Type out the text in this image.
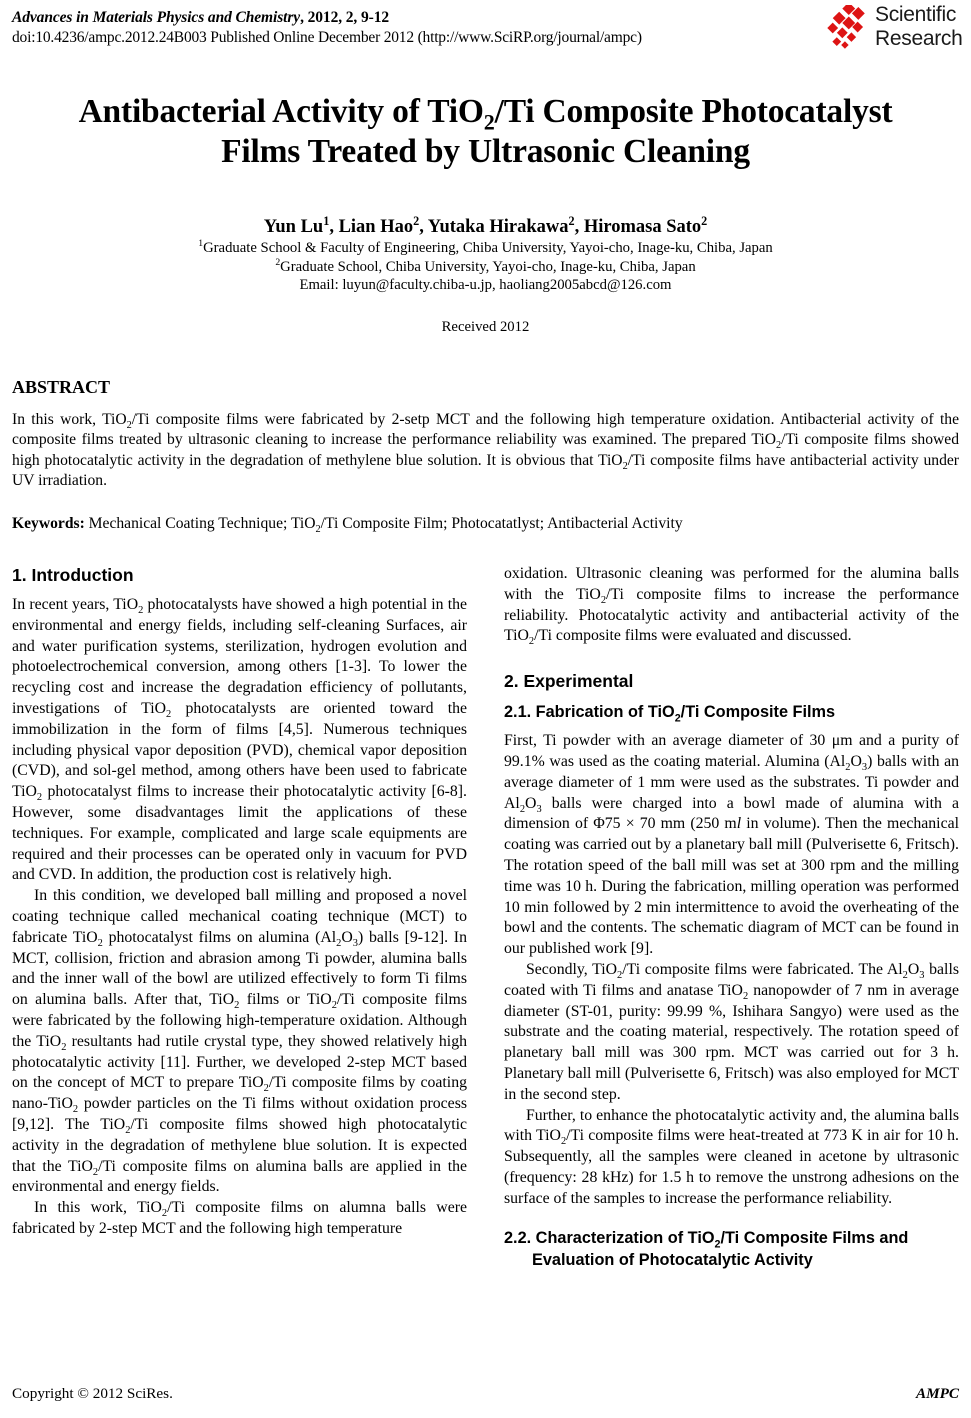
Advances in Materials Physics and Chemistry, 2012, 2, 9-12
doi:10.4236/ampc.2012.24B003 Published Online December 2012 (http://www.SciRP.org/journal/ampc)
Scientific
Research
Antibacterial Activity of TiO$_2$/Ti Composite Photocatalyst
Films Treated by Ultrasonic Cleaning
Yun Lu$^1$, Lian Hao$^2$, Yutaka Hirakawa$^2$, Hiromasa Sato$^2$
$^1$Graduate School & Faculty of Engineering, Chiba University, Yayoi-cho, Inage-ku, Chiba, Japan
$^2$Graduate School, Chiba University, Yayoi-cho, Inage-ku, Chiba, Japan
Email: luyun@faculty.chiba-u.jp, haoliang2005abcd@126.com
Received 2012
ABSTRACT
In this work, TiO$_2$/Ti composite films were fabricated by 2-setp MCT and the following high temperature oxidation. Antibacterial activity of the composite films treated by ultrasonic cleaning to increase the performance reliability was examined. The prepared TiO$_2$/Ti composite films showed high photocatalytic activity in the degradation of methylene blue solution. It is obvious that TiO$_2$/Ti composite films have antibacterial activity under UV irradiation.
Keywords: Mechanical Coating Technique; TiO$_2$/Ti Composite Film; Photocatatlyst; Antibacterial Activity
1. Introduction

In recent years, TiO$_2$ photocatalysts have showed a high potential in the environmental and energy fields, including self-cleaning Surfaces, air and water purification systems, sterilization, hydrogen evolution and photoelectrochemical conversion, among others [1-3]. To lower the recycling cost and increase the degradation efficiency of pollutants, investigations of TiO$_2$ photocatalysts are oriented toward the immobilization in the form of films [4,5]. Numerous techniques including physical vapor deposition (PVD), chemical vapor deposition (CVD), and sol-gel method, among others have been used to fabricate TiO$_2$ photocatalyst films to increase their photocatalytic activity [6-8]. However, some disadvantages limit the applications of these techniques. For example, complicated and large scale equipments are required and their processes can be operated only in vacuum for PVD and CVD. In addition, the production cost is relatively high.

In this condition, we developed ball milling and proposed a novel coating technique called mechanical coating technique (MCT) to fabricate TiO$_2$ photocatalyst films on alumina $(Al_2O_3)$ balls [9-12]. In MCT, collision, friction and abrasion among Ti powder, alumina balls and the inner wall of the bowl are utilized effectively to form Ti films on alumina balls. After that, TiO$_2$ films or TiO$_2$/Ti composite films were fabricated by the following high-temperature oxidation. Although the TiO$_2$ resultants had rutile crystal type, they showed relatively high photocatalytic activity [11]. Further, we developed 2-step MCT based on the concept of MCT to prepare TiO$_2$/Ti composite films by coating nano-TiO$_2$ powder particles on the Ti films without oxidation process [9,12]. The TiO$_2$/Ti composite films showed high photocatalytic activity in the degradation of methylene blue solution. It is expected that the TiO$_2$/Ti composite films on alumina balls are applied in the environmental and energy fields.

In this work, TiO$_2$/Ti composite films on alumna balls were fabricated by 2-step MCT and the following high temperature

oxidation. Ultrasonic cleaning was performed for the alumina balls with the TiO$_2$/Ti composite films to increase the performance reliability. Photocatalytic activity and antibacterial activity of the TiO$_2$/Ti composite films were evaluated and discussed.

2. Experimental
2.1. Fabrication of TiO$_2$/Ti Composite Films

First, Ti powder with an average diameter of 30 μm and a purity of 99.1% was used as the coating material. Alumina $(Al_2O_3)$ balls with an average diameter of 1 mm were used as the substrates. Ti powder and $Al_2O_3$ balls were charged into a bowl made of alumina with a dimension of Φ75 × 70 mm (250 ml in volume). Then the mechanical coating was carried out by a planetary ball mill (Pulverisette 6, Fritsch). The rotation speed of the ball mill was set at 300 rpm and the milling time was 10 h. During the fabrication, milling operation was performed 10 min followed by 2 min intermittence to avoid the overheating of the bowl and the contents. The schematic diagram of MCT can be found in our published work [9].

Secondly, TiO$_2$/Ti composite films were fabricated. The $Al_2O_3$ balls coated with Ti films and anatase TiO$_2$ nanopowder of 7 nm in average diameter (ST-01, purity: 99.99 %, Ishihara Sangyo) were used as the substrate and the coating material, respectively. The rotation speed of planetary ball mill was 300 rpm. MCT was carried out for 3 h. Planetary ball mill (Pulverisette 6, Fritsch) was also employed for MCT in the second step.

Further, to enhance the photocatalytic activity and, the alumina balls with TiO$_2$/Ti composite films were heat-treated at 773 K in air for 10 h. Subsequently, all the samples were cleaned in acetone by ultrasonic (frequency: 28 kHz) for 1.5 h to remove the unstrong adhesions on the surface of the samples to increase the performance reliability.

2.2. Characterization of TiO$_2$/Ti Composite Films and
Evaluation of Photocatalytic Activity
Copyright © 2012 SciRes.	AMPC
